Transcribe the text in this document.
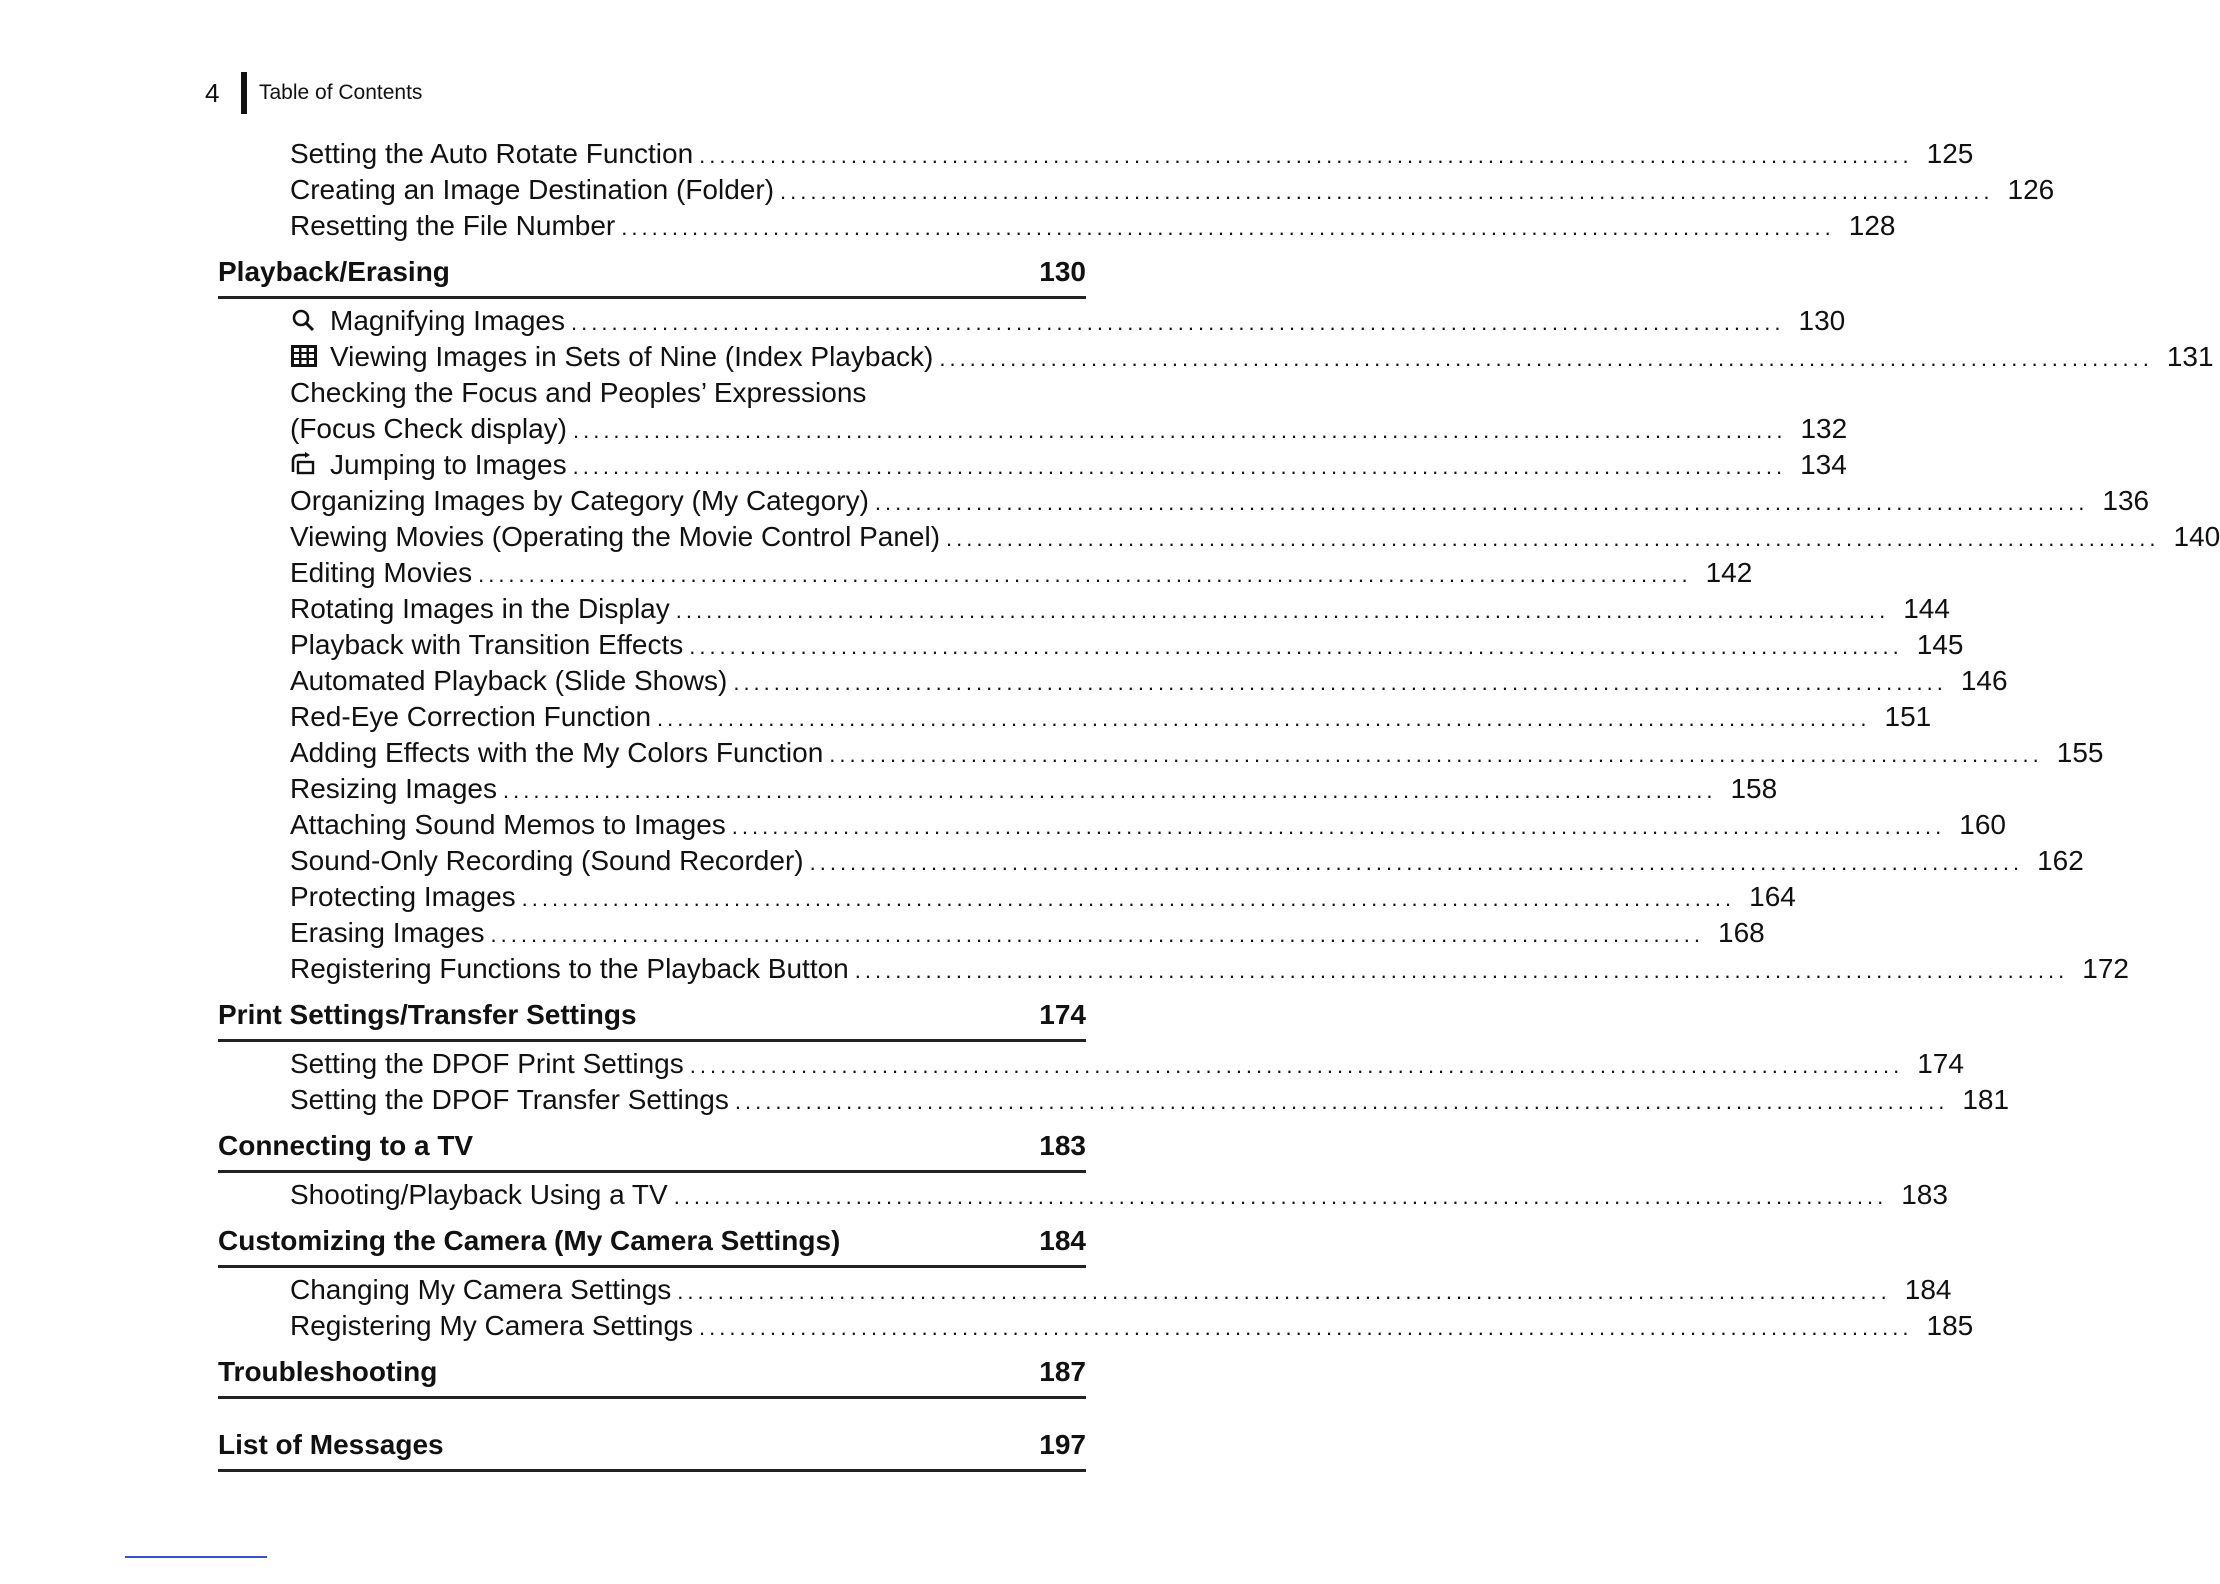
4	Table of Contents
Setting the Auto Rotate Function ........................................................................................................................ 125
Creating an Image Destination (Folder) ........................................................................................................................ 126
Resetting the File Number ........................................................................................................................ 128
Playback/Erasing	130
Magnifying Images ........................................................................................................................ 130
Viewing Images in Sets of Nine (Index Playback) ........................................................................................................................ 131
Checking the Focus and Peoples’ Expressions
(Focus Check display) ........................................................................................................................ 132
Jumping to Images ........................................................................................................................ 134
Organizing Images by Category (My Category) ........................................................................................................................ 136
Viewing Movies (Operating the Movie Control Panel) ........................................................................................................................ 140
Editing Movies ........................................................................................................................ 142
Rotating Images in the Display ........................................................................................................................ 144
Playback with Transition Effects ........................................................................................................................ 145
Automated Playback (Slide Shows) ........................................................................................................................ 146
Red-Eye Correction Function ........................................................................................................................ 151
Adding Effects with the My Colors Function ........................................................................................................................ 155
Resizing Images ........................................................................................................................ 158
Attaching Sound Memos to Images ........................................................................................................................ 160
Sound-Only Recording (Sound Recorder) ........................................................................................................................ 162
Protecting Images ........................................................................................................................ 164
Erasing Images ........................................................................................................................ 168
Registering Functions to the Playback Button ........................................................................................................................ 172
Print Settings/Transfer Settings	174
Setting the DPOF Print Settings ........................................................................................................................ 174
Setting the DPOF Transfer Settings ........................................................................................................................ 181
Connecting to a TV	183
Shooting/Playback Using a TV ........................................................................................................................ 183
Customizing the Camera (My Camera Settings)	184
Changing My Camera Settings ........................................................................................................................ 184
Registering My Camera Settings ........................................................................................................................ 185
Troubleshooting	187
List of Messages	197
